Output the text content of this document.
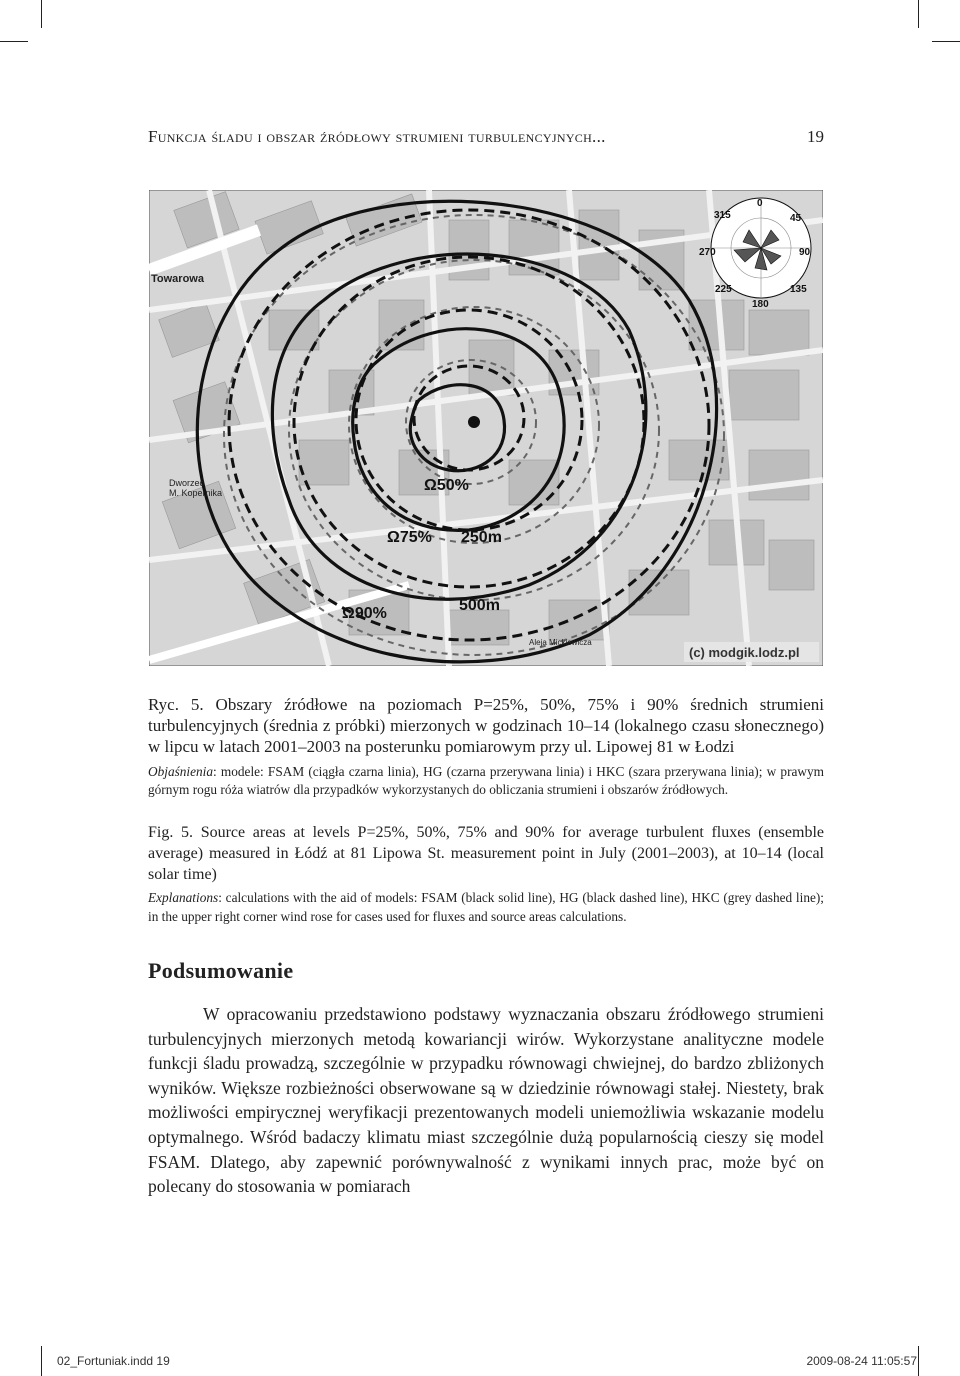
Funkcja śladu i obszar źródłowy strumieni turbulencyjnych...	19
Ω50%
Ω75% 250m
Ω90%	500m
Towarowa
Dworzec
M. Kopernika
Aleja Mickiewicza
(c) modgik.lodz.pl
0
45
90
135
180
225
270
315
Ryc. 5. Obszary źródłowe na poziomach P=25%, 50%, 75% i 90% średnich strumieni turbulencyjnych (średnia z próbki) mierzonych w godzinach 10–14 (lokalnego czasu słonecznego) w lipcu w latach 2001–2003 na posterunku pomiarowym przy ul. Lipowej 81 w Łodzi
Objaśnienia: modele: FSAM (ciągła czarna linia), HG (czarna przerywana linia) i HKC (szara przerywana linia); w prawym górnym rogu róża wiatrów dla przypadków wykorzystanych do obliczania strumieni i obszarów źródłowych.
Fig. 5. Source areas at levels P=25%, 50%, 75% and 90% for average turbulent fluxes (ensemble average) measured in Łódź at 81 Lipowa St. measurement point in July (2001–2003), at 10–14 (local solar time)
Explanations: calculations with the aid of models: FSAM (black solid line), HG (black dashed line), HKC (grey dashed line); in the upper right corner wind rose for cases used for fluxes and source areas calculations.
Podsumowanie
W opracowaniu przedstawiono podstawy wyznaczania obszaru źródłowego strumieni turbulencyjnych mierzonych metodą kowariancji wirów. Wykorzystane analityczne modele funkcji śladu prowadzą, szczególnie w przypadku równowagi chwiejnej, do bardzo zbliżonych wyników. Większe rozbieżności obserwowane są w dziedzinie równowagi stałej. Niestety, brak możliwości empirycznej weryfikacji prezentowanych modeli uniemożliwia wskazanie modelu optymalnego. Wśród badaczy klimatu miast szczególnie dużą popularnością cieszy się model FSAM. Dlatego, aby zapewnić porównywalność z wynikami innych prac, może być on polecany do stosowania w pomiarach
02_Fortuniak.indd 19	2009-08-24 11:05:57
